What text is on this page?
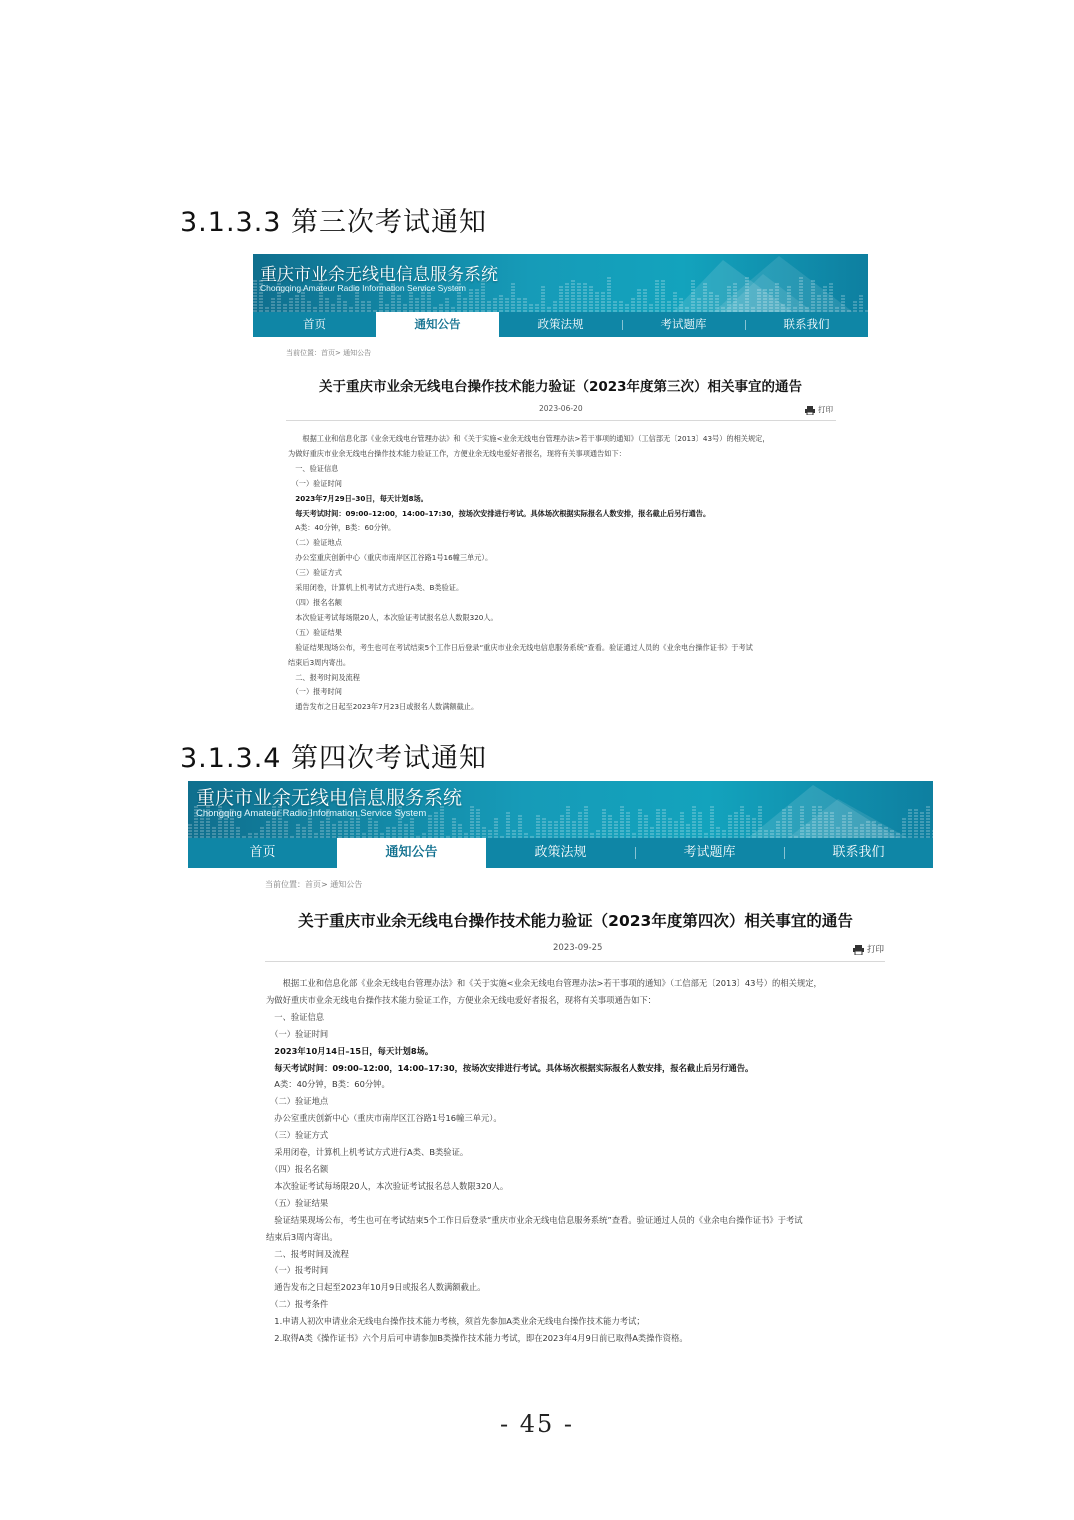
3.1.3.3 第三次考试通知
重庆市业余无线电信息服务系统
Chongqing Amateur Radio Information Service System
首页	通知公告	政策法规	考试题库	联系我们
当前位置：首页> 通知公告
关于重庆市业余无线电台操作技术能力验证（2023年度第三次）相关事宜的通告
2023-06-20	打印
　　根据工业和信息化部《业余无线电台管理办法》和《关于实施<业余无线电台管理办法>若干事项的通知》（工信部无〔2013〕43号）的相关规定，
为做好重庆市业余无线电台操作技术能力验证工作，方便业余无线电爱好者报名，现将有关事项通告如下：
　一、验证信息
　（一）验证时间
　2023年7月29日–30日，每天计划8场。
　每天考试时间：09:00–12:00，14:00–17:30，按场次安排进行考试。具体场次根据实际报名人数安排，报名截止后另行通告。
　A类：40分钟，B类：60分钟。
　（二）验证地点
　办公室重庆创新中心（重庆市南岸区江谷路1号16幢三单元）。
　（三）验证方式
　采用闭卷，计算机上机考试方式进行A类、B类验证。
　（四）报名名额
　本次验证考试每场限20人，本次验证考试报名总人数限320人。
　（五）验证结果
　验证结果现场公布，考生也可在考试结束5个工作日后登录“重庆市业余无线电信息服务系统”查看。验证通过人员的《业余电台操作证书》于考试
结束后3周内寄出。
　二、报考时间及流程
　（一）报考时间
　通告发布之日起至2023年7月23日或报名人数满额截止。
3.1.3.4 第四次考试通知
重庆市业余无线电信息服务系统
Chongqing Amateur Radio Information Service System
首页	通知公告	政策法规	考试题库	联系我们
当前位置：首页> 通知公告
关于重庆市业余无线电台操作技术能力验证（2023年度第四次）相关事宜的通告
2023-09-25	打印
　　根据工业和信息化部《业余无线电台管理办法》和《关于实施<业余无线电台管理办法>若干事项的通知》（工信部无〔2013〕43号）的相关规定，
为做好重庆市业余无线电台操作技术能力验证工作，方便业余无线电爱好者报名，现将有关事项通告如下：
　一、验证信息
　（一）验证时间
　2023年10月14日–15日，每天计划8场。
　每天考试时间：09:00–12:00，14:00–17:30，按场次安排进行考试。具体场次根据实际报名人数安排，报名截止后另行通告。
　A类：40分钟，B类：60分钟。
　（二）验证地点
　办公室重庆创新中心（重庆市南岸区江谷路1号16幢三单元）。
　（三）验证方式
　采用闭卷，计算机上机考试方式进行A类、B类验证。
　（四）报名名额
　本次验证考试每场限20人，本次验证考试报名总人数限320人。
　（五）验证结果
　验证结果现场公布，考生也可在考试结束5个工作日后登录“重庆市业余无线电信息服务系统”查看。验证通过人员的《业余电台操作证书》于考试
结束后3周内寄出。
　二、报考时间及流程
　（一）报考时间
　通告发布之日起至2023年10月9日或报名人数满额截止。
　（二）报考条件
　1.申请人初次申请业余无线电台操作技术能力考核，须首先参加A类业余无线电台操作技术能力考试；
　2.取得A类《操作证书》六个月后可申请参加B类操作技术能力考试，即在2023年4月9日前已取得A类操作资格。
- 45 -
